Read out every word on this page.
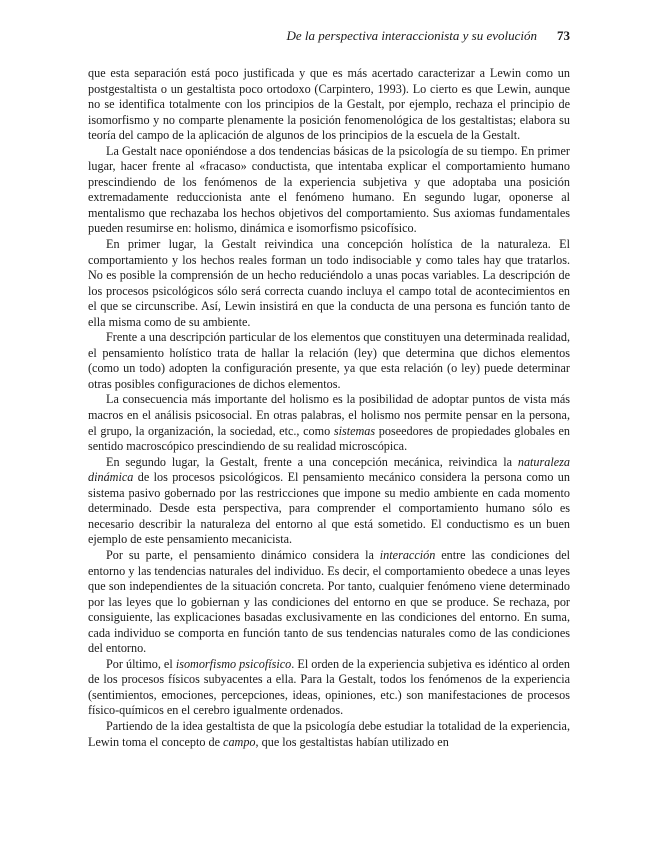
De la perspectiva interaccionista y su evolución 73

que esta separación está poco justificada y que es más acertado caracterizar a Lewin como un postgestaltista o un gestaltista poco ortodoxo (Carpintero, 1993). Lo cierto es que Lewin, aunque no se identifica totalmente con los principios de la Gestalt, por ejemplo, rechaza el principio de isomorfismo y no comparte plenamente la posición fenomenológica de los gestaltistas; elabora su teoría del campo de la aplicación de algunos de los principios de la escuela de la Gestalt.

La Gestalt nace oponiéndose a dos tendencias básicas de la psicología de su tiempo. En primer lugar, hacer frente al «fracaso» conductista, que intentaba explicar el comportamiento humano prescindiendo de los fenómenos de la experiencia subjetiva y que adoptaba una posición extremadamente reduccionista ante el fenómeno humano. En segundo lugar, oponerse al mentalismo que rechazaba los hechos objetivos del comportamiento. Sus axiomas fundamentales pueden resumirse en: holismo, dinámica e isomorfismo psicofísico.

En primer lugar, la Gestalt reivindica una concepción holística de la naturaleza. El comportamiento y los hechos reales forman un todo indisociable y como tales hay que tratarlos. No es posible la comprensión de un hecho reduciéndolo a unas pocas variables. La descripción de los procesos psicológicos sólo será correcta cuando incluya el campo total de acontecimientos en el que se circunscribe. Así, Lewin insistirá en que la conducta de una persona es función tanto de ella misma como de su ambiente.

Frente a una descripción particular de los elementos que constituyen una determinada realidad, el pensamiento holístico trata de hallar la relación (ley) que determina que dichos elementos (como un todo) adopten la configuración presente, ya que esta relación (o ley) puede determinar otras posibles configuraciones de dichos elementos.

La consecuencia más importante del holismo es la posibilidad de adoptar puntos de vista más macros en el análisis psicosocial. En otras palabras, el holismo nos permite pensar en la persona, el grupo, la organización, la sociedad, etc., como sistemas poseedores de propiedades globales en sentido macroscópico prescindiendo de su realidad microscópica.

En segundo lugar, la Gestalt, frente a una concepción mecánica, reivindica la naturaleza dinámica de los procesos psicológicos. El pensamiento mecánico considera la persona como un sistema pasivo gobernado por las restricciones que impone su medio ambiente en cada momento determinado. Desde esta perspectiva, para comprender el comportamiento humano sólo es necesario describir la naturaleza del entorno al que está sometido. El conductismo es un buen ejemplo de este pensamiento mecanicista.

Por su parte, el pensamiento dinámico considera la interacción entre las condiciones del entorno y las tendencias naturales del individuo. Es decir, el comportamiento obedece a unas leyes que son independientes de la situación concreta. Por tanto, cualquier fenómeno viene determinado por las leyes que lo gobiernan y las condiciones del entorno en que se produce. Se rechaza, por consiguiente, las explicaciones basadas exclusivamente en las condiciones del entorno. En suma, cada individuo se comporta en función tanto de sus tendencias naturales como de las condiciones del entorno.

Por último, el isomorfismo psicofísico. El orden de la experiencia subjetiva es idéntico al orden de los procesos físicos subyacentes a ella. Para la Gestalt, todos los fenómenos de la experiencia (sentimientos, emociones, percepciones, ideas, opiniones, etc.) son manifestaciones de procesos físico-químicos en el cerebro igualmente ordenados.

Partiendo de la idea gestaltista de que la psicología debe estudiar la totalidad de la experiencia, Lewin toma el concepto de campo, que los gestaltistas habían utilizado en
